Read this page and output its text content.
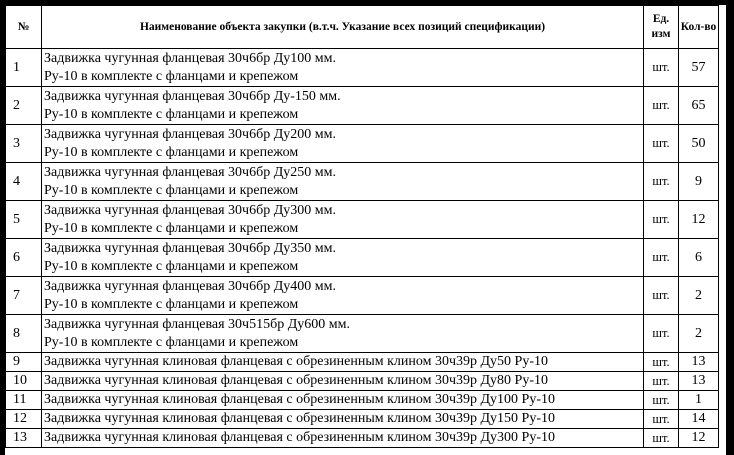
№	Наименование объекта закупки (в.т.ч. Указание всех позиций спецификации)	Ед.
изм	Кол-во
1	Задвижка чугунная фланцевая 30ч6бр Ду100 мм.
Ру-10 в комплекте с фланцами и крепежом	шт.	57
2	Задвижка чугунная фланцевая 30ч6бр Ду-150 мм.
Ру-10 в комплекте с фланцами и крепежом	шт.	65
3	Задвижка чугунная фланцевая 30ч6бр Ду200 мм.
Ру-10 в комплекте с фланцами и крепежом	шт.	50
4	Задвижка чугунная фланцевая 30ч6бр Ду250 мм.
Ру-10 в комплекте с фланцами и крепежом	шт.	9
5	Задвижка чугунная фланцевая 30ч6бр Ду300 мм.
Ру-10 в комплекте с фланцами и крепежом	шт.	12
6	Задвижка чугунная фланцевая 30ч6бр Ду350 мм.
Ру-10 в комплекте с фланцами и крепежом	шт.	6
7	Задвижка чугунная фланцевая 30ч6бр Ду400 мм.
Ру-10 в комплекте с фланцами и крепежом	шт.	2
8	Задвижка чугунная фланцевая 30ч515бр Ду600 мм.
Ру-10 в комплекте с фланцами и крепежом	шт.	2
9	Задвижка чугунная клиновая фланцевая с обрезиненным клином 30ч39р Ду50 Ру-10	шт.	13
10	Задвижка чугунная клиновая фланцевая с обрезиненным клином 30ч39р Ду80 Ру-10	шт.	13
11	Задвижка чугунная клиновая фланцевая с обрезиненным клином 30ч39р Ду100 Ру-10	шт.	1
12	Задвижка чугунная клиновая фланцевая с обрезиненным клином 30ч39р Ду150 Ру-10	шт.	14
13	Задвижка чугунная клиновая фланцевая с обрезиненным клином 30ч39р Ду300 Ру-10	шт.	12
